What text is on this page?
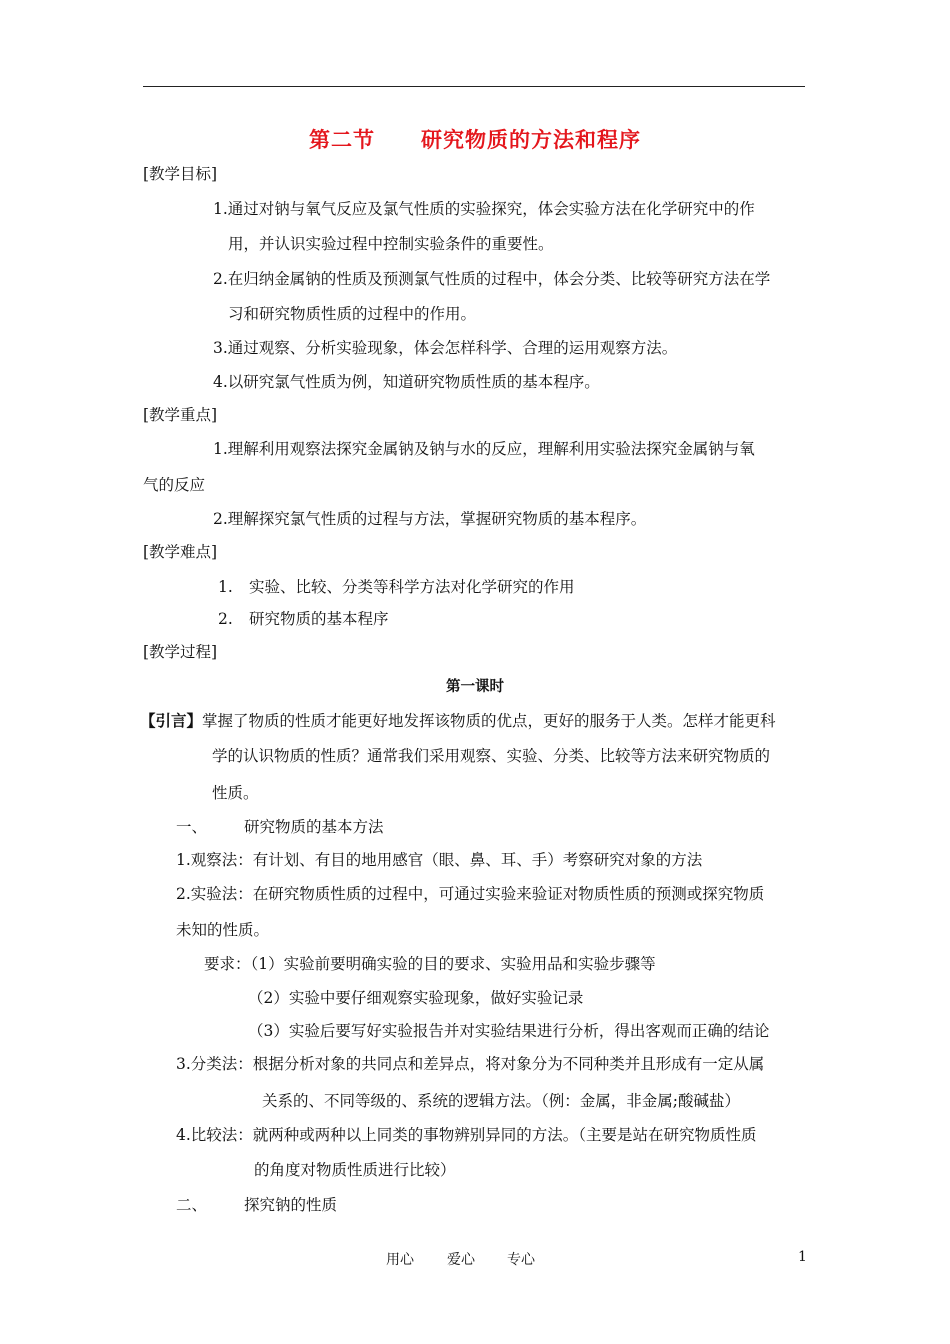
第二节 研究物质的方法和程序
[教学目标]
1.通过对钠与氧气反应及氯气性质的实验探究，体会实验方法在化学研究中的作
用，并认识实验过程中控制实验条件的重要性。
2.在归纳金属钠的性质及预测氯气性质的过程中，体会分类、比较等研究方法在学
习和研究物质性质的过程中的作用。
3.通过观察、分析实验现象，体会怎样科学、合理的运用观察方法。
4.以研究氯气性质为例，知道研究物质性质的基本程序。
[教学重点]
1.理解利用观察法探究金属钠及钠与水的反应，理解利用实验法探究金属钠与氧
气的反应
2.理解探究氯气性质的过程与方法，掌握研究物质的基本程序。
[教学难点]
1. 实验、比较、分类等科学方法对化学研究的作用
2. 研究物质的基本程序
[教学过程]
第一课时
【引言】 掌握了物质的性质才能更好地发挥该物质的优点，更好的服务于人类。怎样才能更科
学的认识物质的性质？通常我们采用观察、实验、分类、比较等方法来研究物质的
性质。
一、 研究物质的基本方法
1.观察法：有计划、有目的地用感官（眼、鼻、耳、手）考察研究对象的方法
2.实验法：在研究物质性质的过程中，可通过实验来验证对物质性质的预测或探究物质
未知的性质。
要求：（1）实验前要明确实验的目的要求、实验用品和实验步骤等
（2）实验中要仔细观察实验现象，做好实验记录
（3）实验后要写好实验报告并对实验结果进行分析，得出客观而正确的结论
3.分类法：根据分析对象的共同点和差异点，将对象分为不同种类并且形成有一定从属
关系的、不同等级的、系统的逻辑方法。（例：金属，非金属;酸碱盐）
4.比较法：就两种或两种以上同类的事物辨别异同的方法。（主要是站在研究物质性质
的角度对物质性质进行比较）
二、 探究钠的性质
用心 爱心 专心	1
